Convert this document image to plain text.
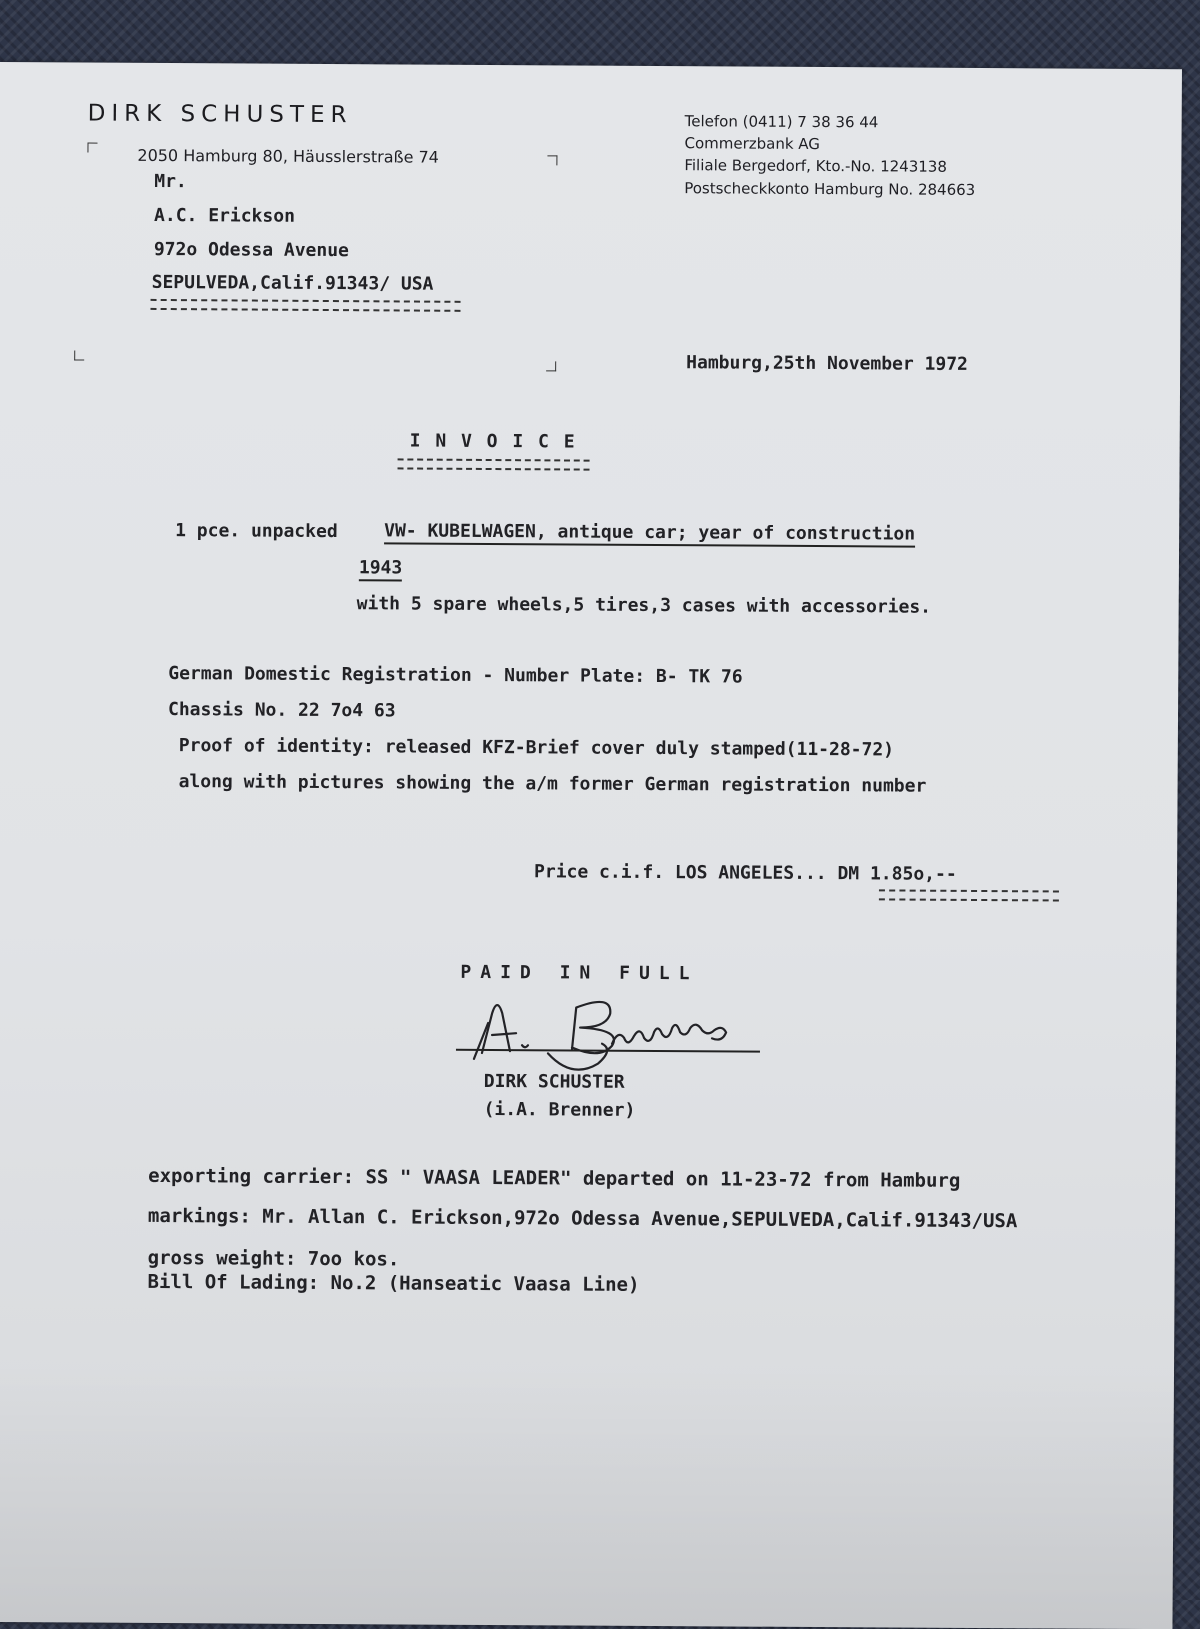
DIRK SCHUSTER
2050 Hamburg 80, Häusslerstraße 74
Telefon (0411) 7 38 36 44
Commerzbank AG
Filiale Bergedorf, Kto.-No. 1243138
Postscheckkonto Hamburg No. 284663
Mr.
A.C. Erickson
972o Odessa Avenue
SEPULVEDA,Calif.91343/ USA
Hamburg,25th November 1972
I N V O I C E
1 pce. unpacked	VW- KUBELWAGEN, antique car; year of construction
1943
with 5 spare wheels,5 tires,3 cases with accessories.
German Domestic Registration - Number Plate: B- TK 76
Chassis No. 22 7o4 63
Proof of identity: released KFZ-Brief cover duly stamped(11-28-72)
along with pictures showing the a/m former German registration number
Price c.i.f. LOS ANGELES... DM 1.85o,--
PAID IN FULL
DIRK SCHUSTER
(i.A. Brenner)
exporting carrier: SS " VAASA LEADER" departed on 11-23-72 from Hamburg
markings: Mr. Allan C. Erickson,972o Odessa Avenue,SEPULVEDA,Calif.91343/USA
gross weight: 7oo kos.
Bill Of Lading: No.2 (Hanseatic Vaasa Line)
